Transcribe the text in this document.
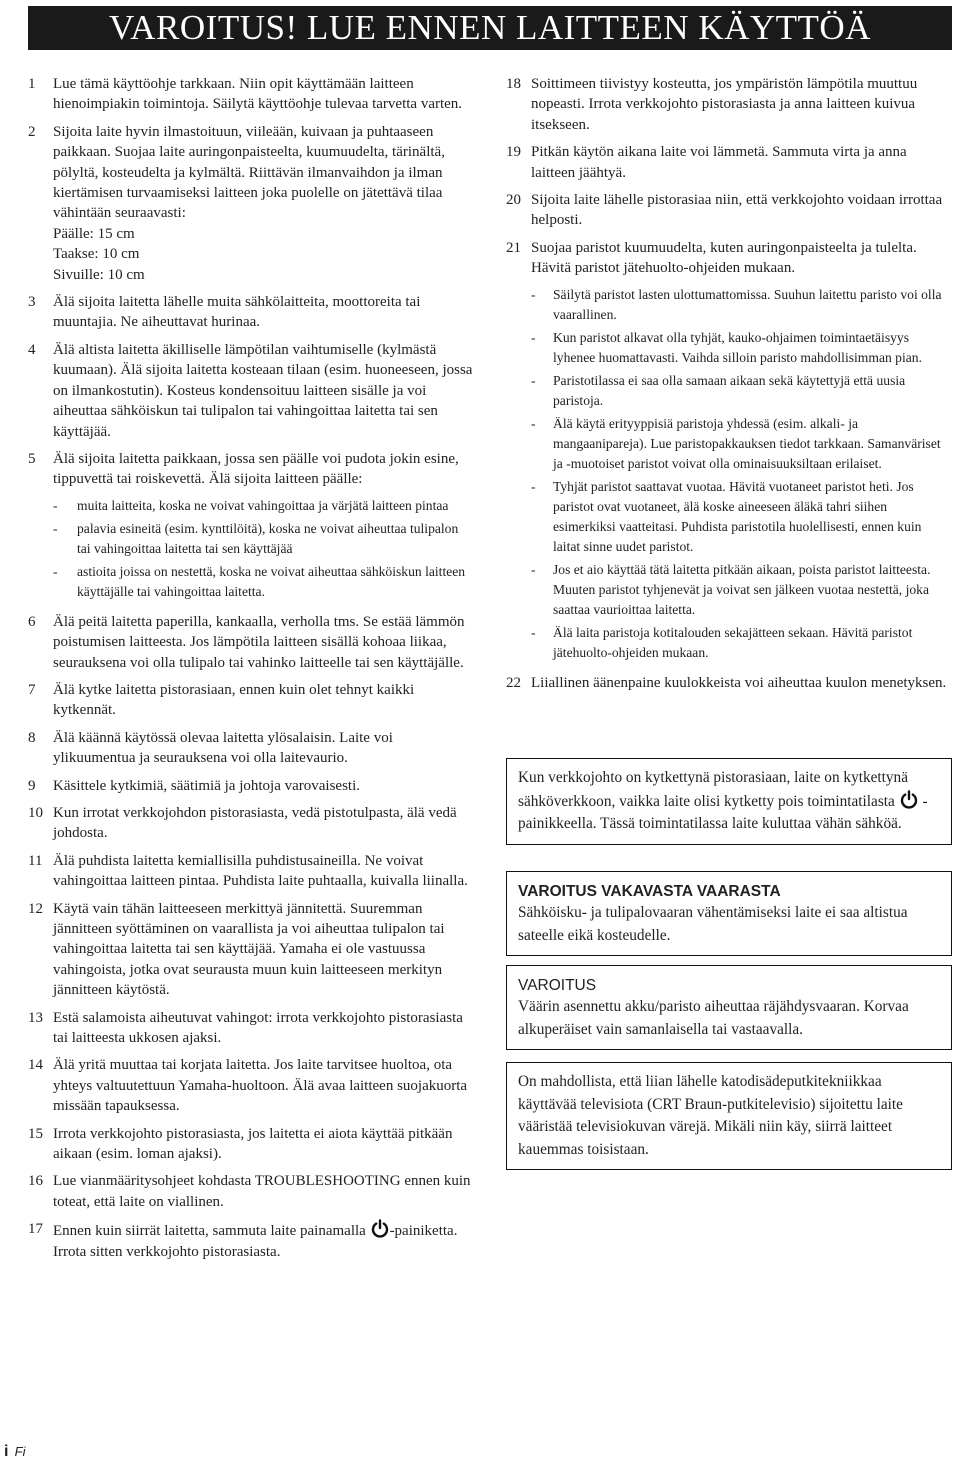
VAROITUS! LUE ENNEN LAITTEEN KÄYTTÖÄ
1	Lue tämä käyttöohje tarkkaan. Niin opit käyttämään laitteen hienoimpiakin toimintoja. Säilytä käyttöohje tulevaa tarvetta varten.
2	Sijoita laite hyvin ilmastoituun, viileään, kuivaan ja puhtaaseen paikkaan. Suojaa laite auringonpaisteelta, kuumuudelta, tärinältä, pölyltä, kosteudelta ja kylmältä. Riittävän ilmanvaihdon ja ilman kiertämisen turvaamiseksi laitteen joka puolelle on jätettävä tilaa vähintään seuraavasti:
Päälle: 15 cm
Taakse: 10 cm
Sivuille: 10 cm
3	Älä sijoita laitetta lähelle muita sähkölaitteita, moottoreita tai muuntajia. Ne aiheuttavat hurinaa.
4	Älä altista laitetta äkilliselle lämpötilan vaihtumiselle (kylmästä kuumaan). Älä sijoita laitetta kosteaan tilaan (esim. huoneeseen, jossa on ilmankostutin). Kosteus kondensoituu laitteen sisälle ja voi aiheuttaa sähköiskun tai tulipalon tai vahingoittaa laitetta tai sen käyttäjää.
5	Älä sijoita laitetta paikkaan, jossa sen päälle voi pudota jokin esine, tippuvettä tai roiskevettä. Älä sijoita laitteen päälle:
-	muita laitteita, koska ne voivat vahingoittaa ja värjätä laitteen pintaa
-	palavia esineitä (esim. kynttilöitä), koska ne voivat aiheuttaa tulipalon tai vahingoittaa laitetta tai sen käyttäjää
-	astioita joissa on nestettä, koska ne voivat aiheuttaa sähköiskun laitteen käyttäjälle tai vahingoittaa laitetta.
6	Älä peitä laitetta paperilla, kankaalla, verholla tms. Se estää lämmön poistumisen laitteesta. Jos lämpötila laitteen sisällä kohoaa liikaa, seurauksena voi olla tulipalo tai vahinko laitteelle tai sen käyttäjälle.
7	Älä kytke laitetta pistorasiaan, ennen kuin olet tehnyt kaikki kytkennät.
8	Älä käännä käytössä olevaa laitetta ylösalaisin. Laite voi ylikuumentua ja seurauksena voi olla laitevaurio.
9	Käsittele kytkimiä, säätimiä ja johtoja varovaisesti.
10 Kun irrotat verkkojohdon pistorasiasta, vedä pistotulpasta, älä vedä johdosta.
11 Älä puhdista laitetta kemiallisilla puhdistusaineilla. Ne voivat vahingoittaa laitteen pintaa. Puhdista laite puhtaalla, kuivalla liinalla.
12 Käytä vain tähän laitteeseen merkittyä jännitettä. Suuremman jännitteen syöttäminen on vaarallista ja voi aiheuttaa tulipalon tai vahingoittaa laitetta tai sen käyttäjää. Yamaha ei ole vastuussa vahingoista, jotka ovat seurausta muun kuin laitteeseen merkityn jännitteen käytöstä.
13 Estä salamoista aiheutuvat vahingot: irrota verkkojohto pistorasiasta tai laitteesta ukkosen ajaksi.
14 Älä yritä muuttaa tai korjata laitetta. Jos laite tarvitsee huoltoa, ota yhteys valtuutettuun Yamaha-huoltoon. Älä avaa laitteen suojakuorta missään tapauksessa.
15 Irrota verkkojohto pistorasiasta, jos laitetta ei aiota käyttää pitkään aikaan (esim. loman ajaksi).
16 Lue vianmääritysohjeet kohdasta TROUBLESHOOTING ennen kuin toteat, että laite on viallinen.
17 Ennen kuin siirrät laitetta, sammuta laite painamalla -painiketta. Irrota sitten verkkojohto pistorasiasta.
18 Soittimeen tiivistyy kosteutta, jos ympäristön lämpötila muuttuu nopeasti. Irrota verkkojohto pistorasiasta ja anna laitteen kuivua itsekseen.
19 Pitkän käytön aikana laite voi lämmetä. Sammuta virta ja anna laitteen jäähtyä.
20 Sijoita laite lähelle pistorasiaa niin, että verkkojohto voidaan irrottaa helposti.
21 Suojaa paristot kuumuudelta, kuten auringonpaisteelta ja tulelta. Hävitä paristot jätehuolto-ohjeiden mukaan.
-	Säilytä paristot lasten ulottumattomissa. Suuhun laitettu paristo voi olla vaarallinen.
-	Kun paristot alkavat olla tyhjät, kauko-ohjaimen toimintaetäisyys lyhenee huomattavasti. Vaihda silloin paristo mahdollisimman pian.
-	Paristotilassa ei saa olla samaan aikaan sekä käytettyjä että uusia paristoja.
-	Älä käytä erityyppisiä paristoja yhdessä (esim. alkali- ja mangaanipareja). Lue paristopakkauksen tiedot tarkkaan. Samanväriset ja -muotoiset paristot voivat olla ominaisuuksiltaan erilaiset.
-	Tyhjät paristot saattavat vuotaa. Hävitä vuotaneet paristot heti. Jos paristot ovat vuotaneet, älä koske aineeseen äläkä tahri siihen esimerkiksi vaatteitasi. Puhdista paristotila huolellisesti, ennen kuin laitat sinne uudet paristot.
-	Jos et aio käyttää tätä laitetta pitkään aikaan, poista paristot laitteesta. Muuten paristot tyhjenevät ja voivat sen jälkeen vuotaa nestettä, joka saattaa vaurioittaa laitetta.
-	Älä laita paristoja kotitalouden sekajätteen sekaan. Hävitä paristot jätehuolto-ohjeiden mukaan.
22 Liiallinen äänenpaine kuulokkeista voi aiheuttaa kuulon menetyksen.
Kun verkkojohto on kytkettynä pistorasiaan, laite on kytkettynä sähköverkkoon, vaikka laite olisi kytketty pois toimintatilasta -painikkeella. Tässä toimintatilassa laite kuluttaa vähän sähköä.
VAROITUS VAKAVASTA VAARASTA
Sähköisku- ja tulipalovaaran vähentämiseksi laite ei saa altistua sateelle eikä kosteudelle.
VAROITUS
Väärin asennettu akku/paristo aiheuttaa räjähdysvaaran. Korvaa alkuperäiset vain samanlaisella tai vastaavalla.
On mahdollista, että liian lähelle katodisädeputkitekniikkaa käyttävää televisiota (CRT Braun-putkitelevisio) sijoitettu laite vääristää televisiokuvan värejä. Mikäli niin käy, siirrä laitteet kauemmas toisistaan.
i Fi
